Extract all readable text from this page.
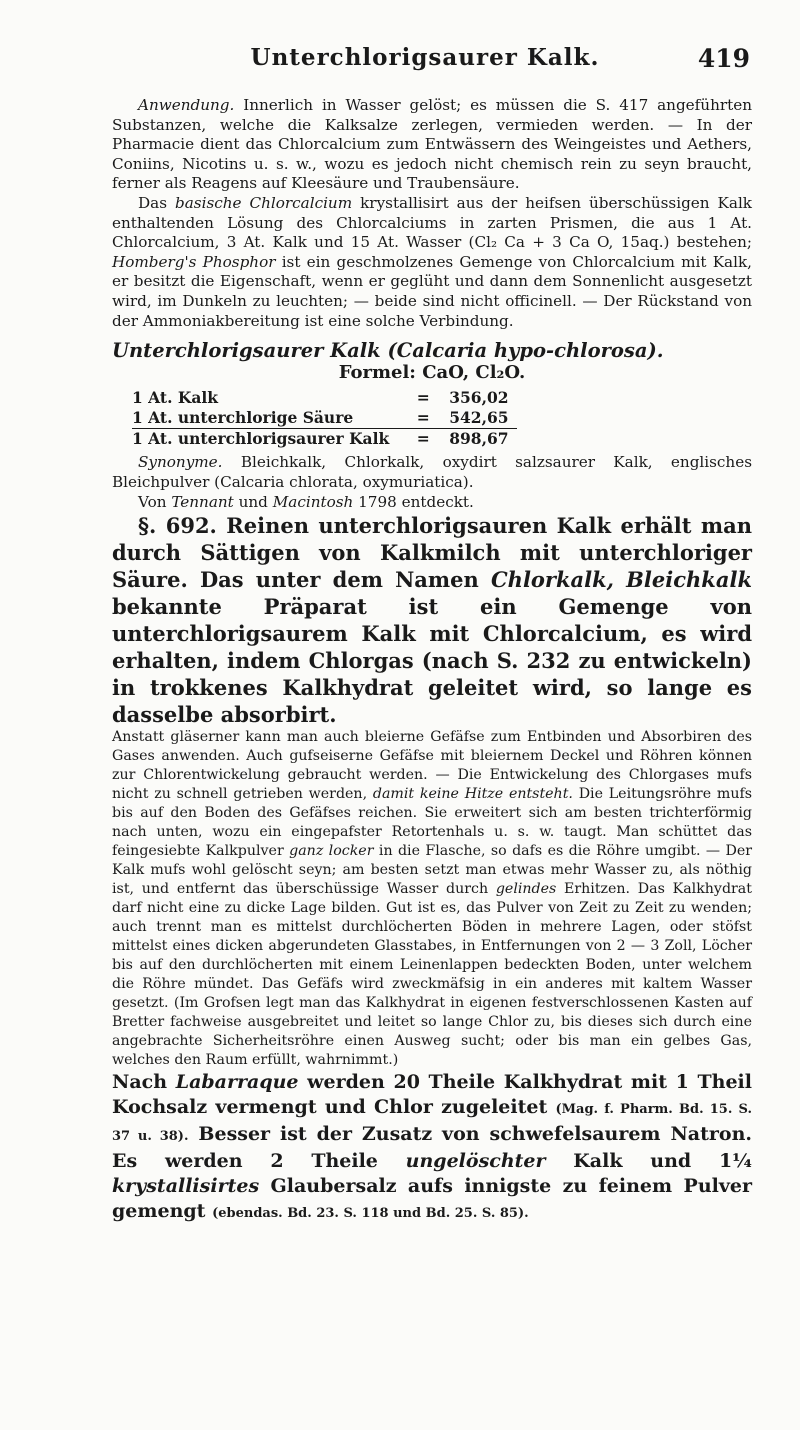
Unterchlorigsaurer Kalk.	419

Anwendung. Innerlich in Wasser gelöst; es müssen die S. 417 angeführten Substanzen, welche die Kalksalze zerlegen, vermieden werden. — In der Pharmacie dient das Chlorcalcium zum Entwässern des Weingeistes und Aethers, Coniins, Nicotins u. s. w., wozu es jedoch nicht chemisch rein zu seyn braucht, ferner als Reagens auf Kleesäure und Traubensäure.

Das basische Chlorcalcium krystallisirt aus der heifsen überschüssigen Kalk enthaltenden Lösung des Chlorcalciums in zarten Prismen, die aus 1 At. Chlorcalcium, 3 At. Kalk und 15 At. Wasser (Cl₂ Ca + 3 Ca O, 15aq.) bestehen; Homberg's Phosphor ist ein geschmolzenes Gemenge von Chlorcalcium mit Kalk, er besitzt die Eigenschaft, wenn er geglüht und dann dem Sonnenlicht ausgesetzt wird, im Dunkeln zu leuchten; — beide sind nicht officinell. — Der Rückstand von der Ammoniakbereitung ist eine solche Verbindung.

Unterchlorigsaurer Kalk (Calcaria hypo-chlorosa).
Formel: CaO, Cl₂O.
1 At. Kalk	=	356,02
1 At. unterchlorige Säure	=	542,65
1 At. unterchlorigsaurer Kalk	=	898,67

Synonyme. Bleichkalk, Chlorkalk, oxydirt salzsaurer Kalk, englisches Bleichpulver (Calcaria chlorata, oxymuriatica).

Von Tennant und Macintosh 1798 entdeckt.

§. 692. Reinen unterchlorigsauren Kalk erhält man durch Sättigen von Kalkmilch mit unterchloriger Säure. Das unter dem Namen Chlorkalk, Bleichkalk bekannte Präparat ist ein Gemenge von unterchlorigsaurem Kalk mit Chlorcalcium, es wird erhalten, indem Chlorgas (nach S. 232 zu entwickeln) in trokkenes Kalkhydrat geleitet wird, so lange es dasselbe absorbirt.

Anstatt gläserner kann man auch bleierne Gefäfse zum Entbinden und Absorbiren des Gases anwenden. Auch gufseiserne Gefäfse mit bleiernem Deckel und Röhren können zur Chlorentwickelung gebraucht werden. — Die Entwickelung des Chlorgases mufs nicht zu schnell getrieben werden, damit keine Hitze entsteht. Die Leitungsröhre mufs bis auf den Boden des Gefäfses reichen. Sie erweitert sich am besten trichterförmig nach unten, wozu ein eingepafster Retortenhals u. s. w. taugt. Man schüttet das feingesiebte Kalkpulver ganz locker in die Flasche, so dafs es die Röhre umgibt. — Der Kalk mufs wohl gelöscht seyn; am besten setzt man etwas mehr Wasser zu, als nöthig ist, und entfernt das überschüssige Wasser durch gelindes Erhitzen. Das Kalkhydrat darf nicht eine zu dicke Lage bilden. Gut ist es, das Pulver von Zeit zu Zeit zu wenden; auch trennt man es mittelst durchlöcherten Böden in mehrere Lagen, oder stöfst mittelst eines dicken abgerundeten Glasstabes, in Entfernungen von 2 — 3 Zoll, Löcher bis auf den durchlöcherten mit einem Leinenlappen bedeckten Boden, unter welchem die Röhre mündet. Das Gefäfs wird zweckmäfsig in ein anderes mit kaltem Wasser gesetzt. (Im Grofsen legt man das Kalkhydrat in eigenen festverschlossenen Kasten auf Bretter fachweise ausgebreitet und leitet so lange Chlor zu, bis dieses sich durch eine angebrachte Sicherheitsröhre einen Ausweg sucht; oder bis man ein gelbes Gas, welches den Raum erfüllt, wahrnimmt.)

Nach Labarraque werden 20 Theile Kalkhydrat mit 1 Theil Kochsalz vermengt und Chlor zugeleitet (Mag. f. Pharm. Bd. 15. S. 37 u. 38). Besser ist der Zusatz von schwefelsaurem Natron. Es werden 2 Theile ungelöschter Kalk und 1¼ krystallisirtes Glaubersalz aufs innigste zu feinem Pulver gemengt (ebendas. Bd. 23. S. 118 und Bd. 25. S. 85).
